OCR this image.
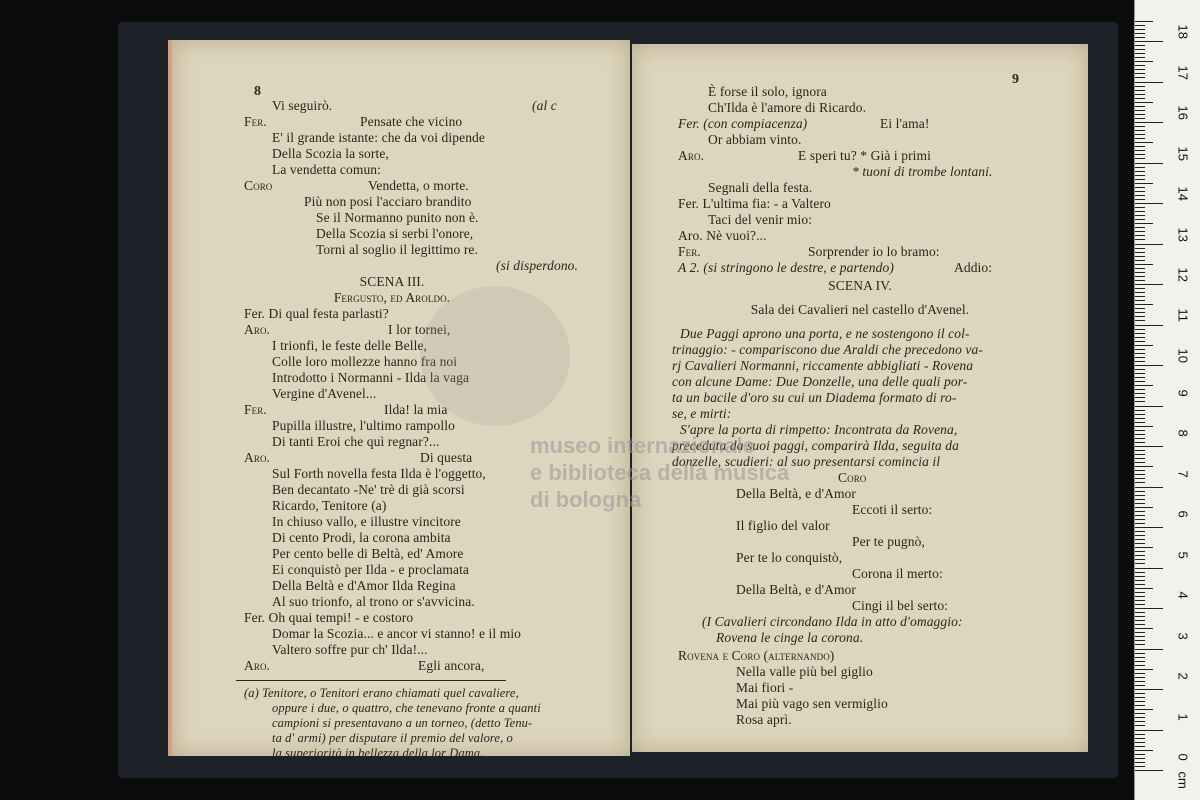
8
Vi seguirò.	(al c
Fer.	Pensate che vicino
E' il grande istante: che da voi dipende
Della Scozia la sorte,
La vendetta comun:
Coro	Vendetta, o morte.
Più non posi l'acciaro brandito
Se il Normanno punito non è.
Della Scozia si serbi l'onore,
Torni al soglio il legittimo re.
(si disperdono.
SCENA III.
Fergusto, ed Aroldo.
Fer. Di qual festa parlasti?
Aro.	I lor tornei,
I trionfi, le feste delle Belle,
Colle loro mollezze hanno fra noi
Introdotto i Normanni - Ilda la vaga
Vergine d'Avenel...
Fer.	Ilda! la mia
Pupilla illustre, l'ultimo rampollo
Di tanti Eroi che quì regnar?...
Aro.	Di questa
Sul Forth novella festa Ilda è l'oggetto,
Ben decantato -Ne' trè di già scorsi
Ricardo, Tenitore (a)
In chiuso vallo, e illustre vincitore
Di cento Prodi, la corona ambita
Per cento belle di Beltà, ed' Amore
Ei conquistò per Ilda - e proclamata
Della Beltà e d'Amor Ilda Regina
Al suo trionfo, al trono or s'avvicina.
Fer. Oh quai tempi! - e costoro
Domar la Scozia... e ancor vi stanno! e il mio
Valtero soffre pur ch' Ilda!...
Aro.	Egli ancora,
(a) Tenitore, o Tenitori erano chiamati quel cavaliere,
oppure i due, o quattro, che tenevano fronte a quanti
campioni si presentavano a un torneo, (detto Tenu-
ta d' armi) per disputare il premio del valore, o
la superiorità in bellezza della lor Dama.
9
È forse il solo, ignora
Ch'Ilda è l'amore di Ricardo.
Fer. (con compiacenza)	Ei l'ama!
Or abbiam vinto.
Aro.	E speri tu? * Già i primi
* tuoni di trombe lontani.
Segnali della festa.
Fer. L'ultima fia: - a Valtero
Taci del venir mio:
Aro. Nè vuoi?...
Fer.	Sorprender io lo bramo:
A 2. (si stringono le destre, e partendo)	Addio:
SCENA IV.
Sala dei Cavalieri nel castello d'Avenel.
Due Paggi aprono una porta, e ne sostengono il col-
trinaggio: - compariscono due Araldi che precedono va-
rj Cavalieri Normanni, riccamente abbigliati - Rovena
con alcune Dame: Due Donzelle, una delle quali por-
ta un bacile d'oro su cui un Diadema formato di ro-
se, e mirti:
S'apre la porta di rimpetto: Incontrata da Rovena,
preceduta da suoi paggi, comparirà Ilda, seguita da
donzelle, scudieri: al suo presentarsi comincia il
Coro
Della Beltà, e d'Amor
Eccoti il serto:
Il figlio del valor
Per te pugnò,
Per te lo conquistò,
Corona il merto:
Della Beltà, e d'Amor
Cingi il bel serto:
(I Cavalieri circondano Ilda in atto d'omaggio:
Rovena le cinge la corona.
Rovena e Coro (alternando)
Nella valle più bel giglio
Mai fiori -
Mai più vago sen vermiglio
Rosa aprì.
museo internazionale
e biblioteca della musica
di bologna
0
1
2
3
4
5
6
7
8
9
10
11
12
13
14
15
16
17
18
cm
